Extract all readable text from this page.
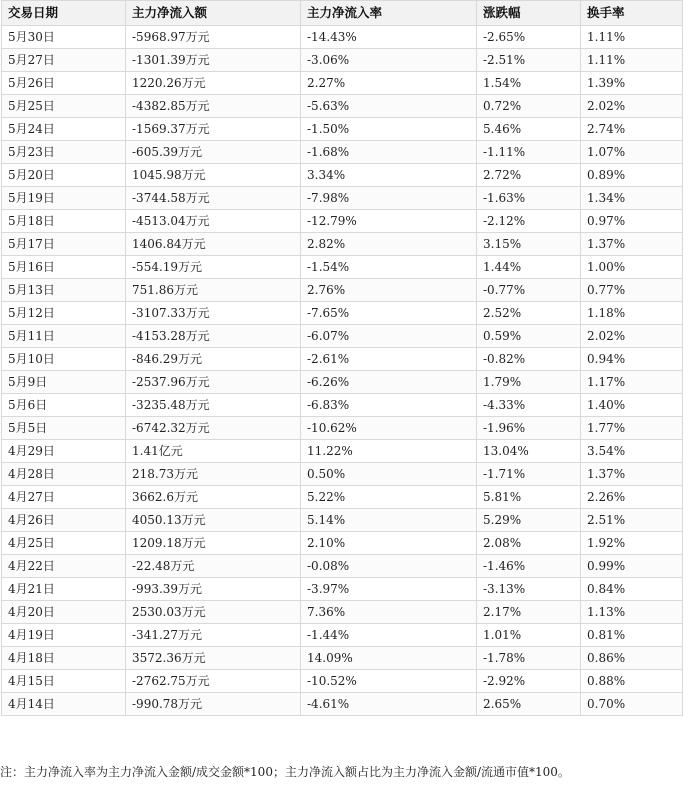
交易日期	主力净流入额	主力净流入率	涨跌幅	换手率
5月30日	-5968.97万元	-14.43%	-2.65%	1.11%
5月27日	-1301.39万元	-3.06%	-2.51%	1.11%
5月26日	1220.26万元	2.27%	1.54%	1.39%
5月25日	-4382.85万元	-5.63%	0.72%	2.02%
5月24日	-1569.37万元	-1.50%	5.46%	2.74%
5月23日	-605.39万元	-1.68%	-1.11%	1.07%
5月20日	1045.98万元	3.34%	2.72%	0.89%
5月19日	-3744.58万元	-7.98%	-1.63%	1.34%
5月18日	-4513.04万元	-12.79%	-2.12%	0.97%
5月17日	1406.84万元	2.82%	3.15%	1.37%
5月16日	-554.19万元	-1.54%	1.44%	1.00%
5月13日	751.86万元	2.76%	-0.77%	0.77%
5月12日	-3107.33万元	-7.65%	2.52%	1.18%
5月11日	-4153.28万元	-6.07%	0.59%	2.02%
5月10日	-846.29万元	-2.61%	-0.82%	0.94%
5月9日	-2537.96万元	-6.26%	1.79%	1.17%
5月6日	-3235.48万元	-6.83%	-4.33%	1.40%
5月5日	-6742.32万元	-10.62%	-1.96%	1.77%
4月29日	1.41亿元	11.22%	13.04%	3.54%
4月28日	218.73万元	0.50%	-1.71%	1.37%
4月27日	3662.6万元	5.22%	5.81%	2.26%
4月26日	4050.13万元	5.14%	5.29%	2.51%
4月25日	1209.18万元	2.10%	2.08%	1.92%
4月22日	-22.48万元	-0.08%	-1.46%	0.99%
4月21日	-993.39万元	-3.97%	-3.13%	0.84%
4月20日	2530.03万元	7.36%	2.17%	1.13%
4月19日	-341.27万元	-1.44%	1.01%	0.81%
4月18日	3572.36万元	14.09%	-1.78%	0.86%
4月15日	-2762.75万元	-10.52%	-2.92%	0.88%
4月14日	-990.78万元	-4.61%	2.65%	0.70%
注：主力净流入率为主力净流入金额/成交金额*100；主力净流入额占比为主力净流入金额/流通市值*100。
